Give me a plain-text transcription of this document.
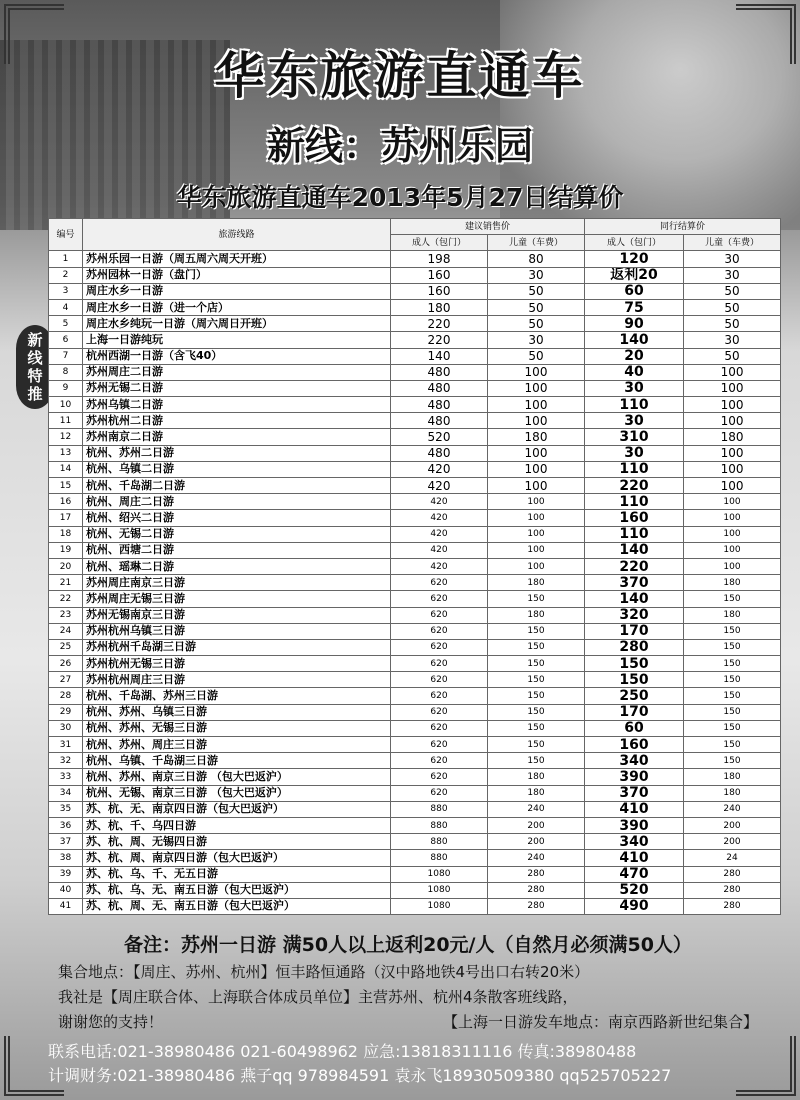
华东旅游直通车
新线：苏州乐园
华东旅游直通车2013年5月27日结算价
新
线
特
推
编号	旅游线路	建议销售价		同行结算价	
		成人（包门）	儿童（车费）	成人（包门）	儿童（车费）
1	苏州乐园一日游（周五周六周天开班）	198	80	120	30
2	苏州园林一日游（盘门）	160	30	返利20	30
3	周庄水乡一日游	160	50	60	50
4	周庄水乡一日游（进一个店）	180	50	75	50
5	周庄水乡纯玩一日游（周六周日开班）	220	50	90	50
6	上海一日游纯玩	220	30	140	30
7	杭州西湖一日游（含飞40）	140	50	20	50
8	苏州周庄二日游	480	100	40	100
9	苏州无锡二日游	480	100	30	100
10	苏州乌镇二日游	480	100	110	100
11	苏州杭州二日游	480	100	30	100
12	苏州南京二日游	520	180	310	180
13	杭州、苏州二日游	480	100	30	100
14	杭州、乌镇二日游	420	100	110	100
15	杭州、千岛湖二日游	420	100	220	100
16	杭州、周庄二日游	420	100	110	100
17	杭州、绍兴二日游	420	100	160	100
18	杭州、无锡二日游	420	100	110	100
19	杭州、西塘二日游	420	100	140	100
20	杭州、瑶琳二日游	420	100	220	100
21	苏州周庄南京三日游	620	180	370	180
22	苏州周庄无锡三日游	620	150	140	150
23	苏州无锡南京三日游	620	180	320	180
24	苏州杭州乌镇三日游	620	150	170	150
25	苏州杭州千岛湖三日游	620	150	280	150
26	苏州杭州无锡三日游	620	150	150	150
27	苏州杭州周庄三日游	620	150	150	150
28	杭州、千岛湖、苏州三日游	620	150	250	150
29	杭州、苏州、乌镇三日游	620	150	170	150
30	杭州、苏州、无锡三日游	620	150	60	150
31	杭州、苏州、周庄三日游	620	150	160	150
32	杭州、乌镇、千岛湖三日游	620	150	340	150
33	杭州、苏州、南京三日游 （包大巴返沪）	620	180	390	180
34	杭州、无锡、南京三日游 （包大巴返沪）	620	180	370	180
35	苏、杭、无、南京四日游（包大巴返沪）	880	240	410	240
36	苏、杭、千、乌四日游	880	200	390	200
37	苏、杭、周、无锡四日游	880	200	340	200
38	苏、杭、周、南京四日游（包大巴返沪）	880	240	410	24
39	苏、杭、乌、千、无五日游	1080	280	470	280
40	苏、杭、乌、无、南五日游（包大巴返沪）	1080	280	520	280
41	苏、杭、周、无、南五日游（包大巴返沪）	1080	280	490	280
备注：苏州一日游 满50人以上返利20元/人（自然月必须满50人）
集合地点：【周庄、苏州、杭州】恒丰路恒通路（汉中路地铁4号出口右转20米）
我社是【周庄联合体、上海联合体成员单位】主营苏州、杭州4条散客班线路，
谢谢您的支持！	【上海一日游发车地点：南京西路新世纪集合】
联系电话:021-38980486 021-60498962 应急:13818311116 传真:38980488
计调财务:021-38980486 燕子qq 978984591 袁永飞18930509380 qq525705227
